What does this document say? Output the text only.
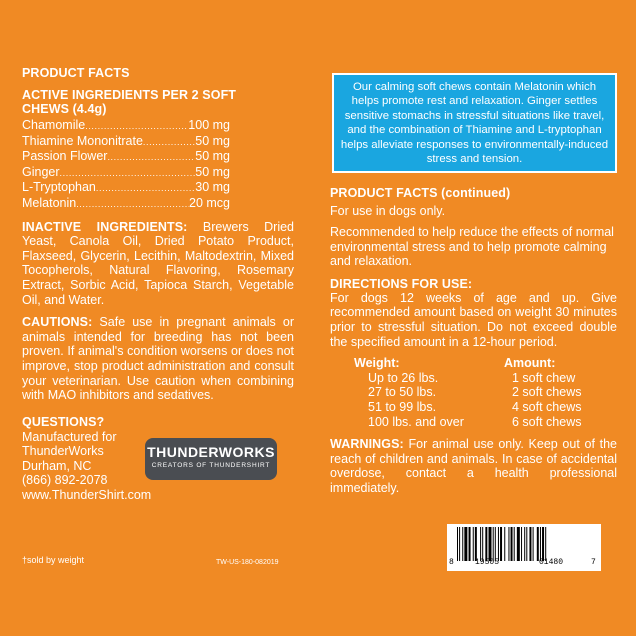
PRODUCT FACTS
ACTIVE INGREDIENTS PER 2 SOFT CHEWS (4.4g)
Chamomile .....	100 mg
Thiamine Mononitrate .....	50 mg
Passion Flower .....	50 mg
Ginger .....	50 mg
L-Tryptophan .....	30 mg
Melatonin .....	20 mcg
INACTIVE INGREDIENTS: Brewers Dried Yeast, Canola Oil, Dried Potato Product, Flaxseed, Glycerin, Lecithin, Maltodextrin, Mixed Tocopherols, Natural Flavoring, Rosemary Extract, Sorbic Acid, Tapioca Starch, Vegetable Oil, and Water.
CAUTIONS: Safe use in pregnant animals or animals intended for breeding has not been proven. If animal's condition worsens or does not improve, stop product administration and consult your veterinarian. Use caution when combining with MAO inhibitors and sedatives.
QUESTIONS?
Manufactured for
ThunderWorks
Durham, NC
(866) 892-2078
www.ThunderShirt.com
THUNDERWORKS
CREATORS OF THUNDERSHIRT
†sold by weight	TW-US-180-082019
Our calming soft chews contain Melatonin which helps promote rest and relaxation. Ginger settles sensitive stomachs in stressful situations like travel, and the combination of Thiamine and L-tryptophan helps alleviate responses to environmentally-induced stress and tension.
PRODUCT FACTS (continued)
For use in dogs only.
Recommended to help reduce the effects of normal environmental stress and to help promote calming and relaxation.
DIRECTIONS FOR USE:
For dogs 12 weeks of age and up. Give recommended amount based on weight 30 minutes prior to stressful situation. Do not exceed double the specified amount in a 12-hour period.
Weight:	Amount:
Up to 26 lbs.	1 soft chew
27 to 50 lbs.	2 soft chews
51 to 99 lbs.	4 soft chews
100 lbs. and over	6 soft chews
WARNINGS: For animal use only. Keep out of the reach of children and animals. In case of accidental overdose, contact a health professional immediately.
8	19505	01480	7
